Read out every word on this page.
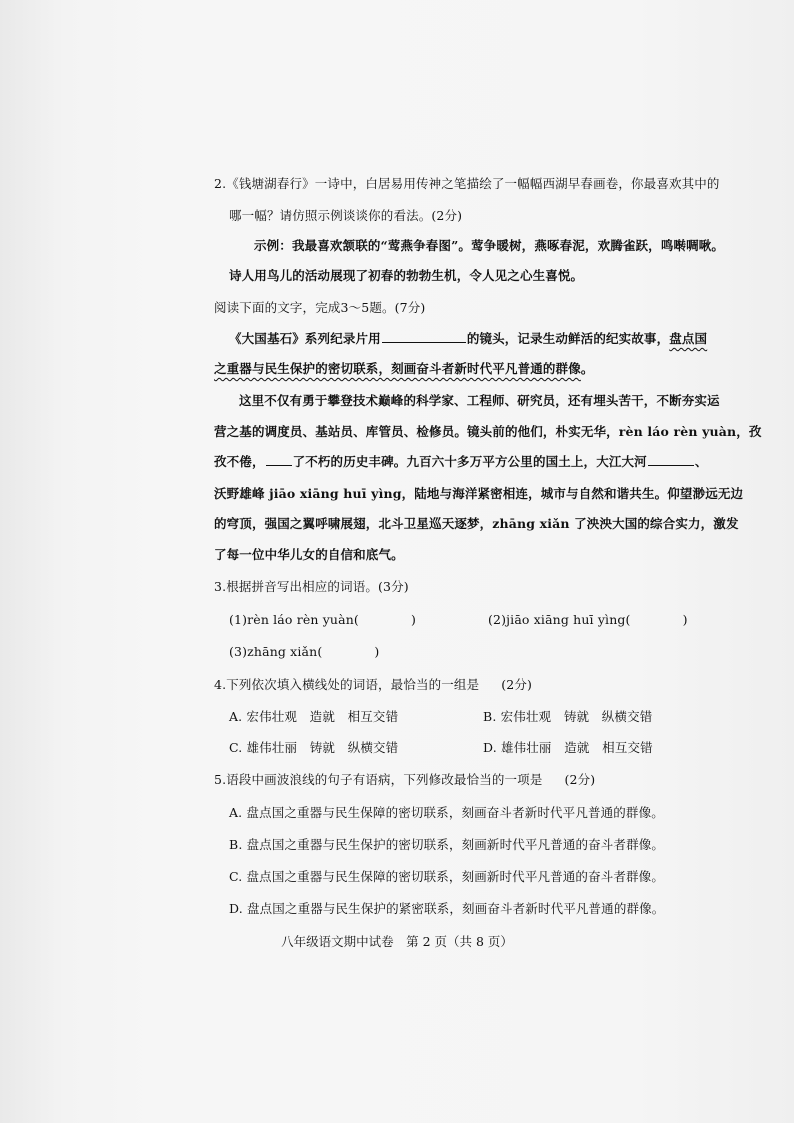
2.《钱塘湖春行》一诗中，白居易用传神之笔描绘了一幅幅西湖早春画卷，你最喜欢其中的
哪一幅？请仿照示例谈谈你的看法。(2分)
示例：我最喜欢颔联的“莺燕争春图”。莺争暖树，燕啄春泥，欢腾雀跃，鸣啭啁啾。
诗人用鸟儿的活动展现了初春的勃勃生机，令人见之心生喜悦。
阅读下面的文字，完成3～5题。(7分)
《大国基石》系列纪录片用	的镜头，记录生动鲜活的纪实故事，盘点国
之重器与民生保护的密切联系，刻画奋斗者新时代平凡普通的群像。
这里不仅有勇于攀登技术巅峰的科学家、工程师、研究员，还有埋头苦干，不断夯实运
营之基的调度员、基站员、库管员、检修员。镜头前的他们，朴实无华，rèn láo rèn yuàn，孜
孜不倦， 了不朽的历史丰碑。九百六十多万平方公里的国土上，大江大河	、
沃野雄峰 jiāo xiāng huī yìng，陆地与海洋紧密相连，城市与自然和谐共生。仰望渺远无边
的穹顶，强国之翼呼啸展翅，北斗卫星巡天逐梦，zhāng xiǎn 了泱泱大国的综合实力，激发
了每一位中华儿女的自信和底气。
3.根据拼音写出相应的词语。(3分)
(1)rèn láo rèn yuàn(	)	(2)jiāo xiāng huī yìng(	)
(3)zhāng xiǎn(	)
4.下列依次填入横线处的词语，最恰当的一组是 (2分)
A. 宏伟壮观　造就　相互交错	B. 宏伟壮观　铸就　纵横交错
C. 雄伟壮丽　铸就　纵横交错	D. 雄伟壮丽　造就　相互交错
5.语段中画波浪线的句子有语病，下列修改最恰当的一项是 (2分)
A. 盘点国之重器与民生保障的密切联系，刻画奋斗者新时代平凡普通的群像。
B. 盘点国之重器与民生保护的密切联系，刻画新时代平凡普通的奋斗者群像。
C. 盘点国之重器与民生保障的密切联系，刻画新时代平凡普通的奋斗者群像。
D. 盘点国之重器与民生保护的紧密联系，刻画奋斗者新时代平凡普通的群像。
八年级语文期中试卷　第 2 页（共 8 页）
